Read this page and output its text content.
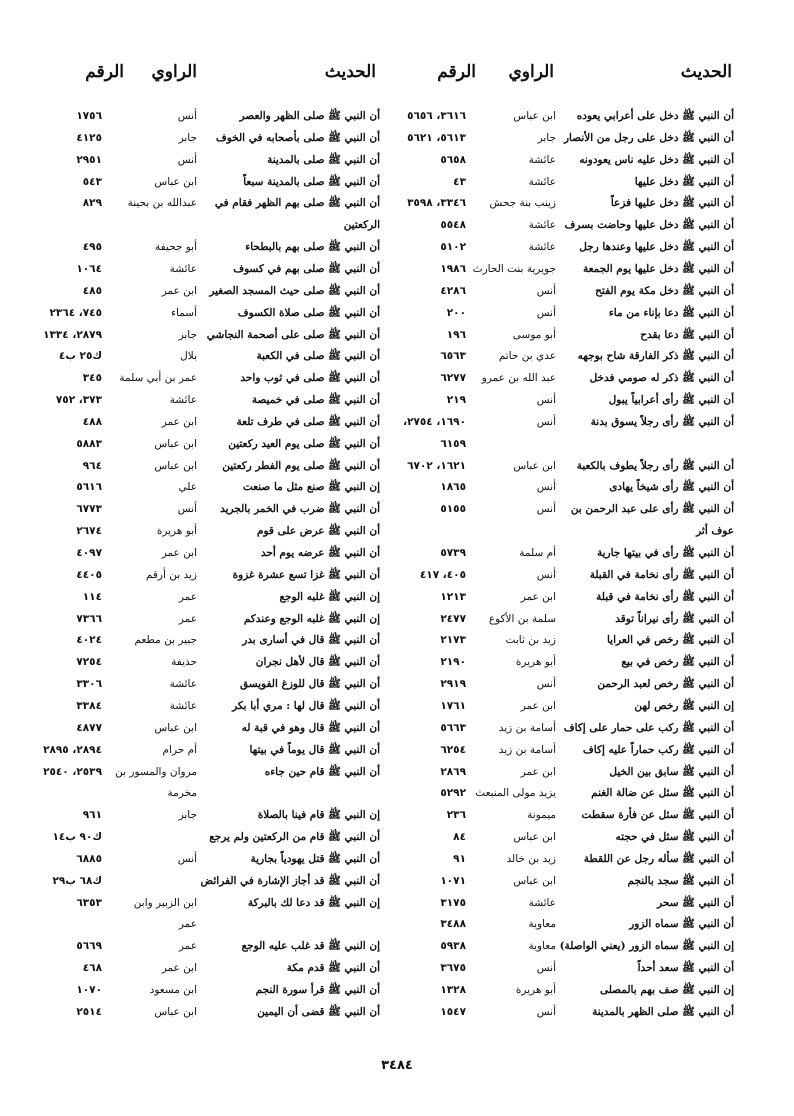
الحديث
الراوي
الرقم
الحديث
الراوي
الرقم
أن النبي ﷺ دخل على أعرابي يعوده
ابن عباس
٣٦١٦، ٥٦٥٦
أن النبي ﷺ دخل على رجل من الأنصار
جابر
٥٦١٣، ٥٦٢١
أن النبي ﷺ دخل عليه ناس يعودونه
عائشة
٥٦٥٨
أن النبي ﷺ دخل عليها
عائشة
٤٣
أن النبي ﷺ دخل عليها فزعاً
زينب بنة جحش
٣٣٤٦، ٣٥٩٨
أن النبي ﷺ دخل عليها وحاضت بسرف
عائشة
٥٥٤٨
أن النبي ﷺ دخل عليها وعندها رجل
عائشة
٥١٠٢
أن النبي ﷺ دخل عليها يوم الجمعة
جويرية بنت الحارث
١٩٨٦
أن النبي ﷺ دخل مكة يوم الفتح
أنس
٤٢٨٦
أن النبي ﷺ دعا بإناء من ماء
أنس
٢٠٠
أن النبي ﷺ دعا بقدح
أبو موسى
١٩٦
أن النبي ﷺ ذكر الفارقة شاح بوجهه
عدي بن حاتم
٦٥٦٣
أن النبي ﷺ ذكر له صومي فدخل
عبد الله بن عمرو
٦٢٧٧
أن النبي ﷺ رأى أعرابياً يبول
أنس
٢١٩
أن النبي ﷺ رأى رجلاً يسوق بدنة
أنس
١٦٩٠، ٢٧٥٤،
٦١٥٩
أن النبي ﷺ رأى رجلاً يطوف بالكعبة
ابن عباس
١٦٢١، ٦٧٠٢
أن النبي ﷺ رأى شيخاً يهادى
أنس
١٨٦٥
أن النبي ﷺ رأى على عبد الرحمن بن
أنس
٥١٥٥
عوف أثر
أن النبي ﷺ رأى في بيتها جارية
أم سلمة
٥٧٣٩
أن النبي ﷺ رأى نخامة في القبلة
أنس
٤٠٥، ٤١٧
أن النبي ﷺ رأى نخامة في قبلة
ابن عمر
١٢١٣
أن النبي ﷺ رأى نيراناً توقد
سلمة بن الأكوع
٢٤٧٧
أن النبي ﷺ رخص في العرايا
زيد بن ثابت
٢١٧٣
أن النبي ﷺ رخص في بيع
أبو هريرة
٢١٩٠
أن النبي ﷺ رخص لعبد الرحمن
أنس
٢٩١٩
إن النبي ﷺ رخص لهن
ابن عمر
١٧٦١
أن النبي ﷺ ركب على حمار على إكاف
أسامة بن زيد
٥٦٦٣
أن النبي ﷺ ركب حماراً عليه إكاف
أسامة بن زيد
٦٢٥٤
أن النبي ﷺ سابق بين الخيل
ابن عمر
٢٨٦٩
أن النبي ﷺ سئل عن ضالة الغنم
يزيد مولى المنبعث
٥٢٩٢
أن النبي ﷺ سئل عن فأرة سقطت
ميمونة
٢٣٦
أن النبي ﷺ سئل في حجته
ابن عباس
٨٤
أن النبي ﷺ سأله رجل عن اللقطة
زيد بن خالد
٩١
أن النبي ﷺ سجد بالنجم
ابن عباس
١٠٧١
أن النبي ﷺ سحر
عائشة
٣١٧٥
أن النبي ﷺ سماه الزور
معاوية
٣٤٨٨
إن النبي ﷺ سماه الزور (يعني الواصلة)
معاوية
٥٩٣٨
أن النبي ﷺ سعد أحداً
أنس
٣٦٧٥
إن النبي ﷺ صف بهم بالمصلى
أبو هريرة
١٣٢٨
أن النبي ﷺ صلى الظهر بالمدينة
أنس
١٥٤٧
أن النبي ﷺ صلى الظهر والعصر
أنس
١٧٥٦
أن النبي ﷺ صلى بأصحابه في الخوف
جابر
٤١٢٥
أن النبي ﷺ صلى بالمدينة
أنس
٢٩٥١
أن النبي ﷺ صلى بالمدينة سبعاً
ابن عباس
٥٤٣
أن النبي ﷺ صلى بهم الظهر فقام في
عبدالله بن بحينة
٨٢٩
الركعتين
أن النبي ﷺ صلى بهم بالبطحاء
أبو جحيفة
٤٩٥
أن النبي ﷺ صلى بهم في كسوف
عائشة
١٠٦٤
أن النبي ﷺ صلى حيث المسجد الصغير
ابن عمر
٤٨٥
أن النبي ﷺ صلى صلاة الكسوف
أسماء
٧٤٥، ٢٣٦٤
أن النبي ﷺ صلى على أصحمة النجاشي
جابر
٢٨٧٩، ١٣٣٤
أن النبي ﷺ صلى في الكعبة
بلال
ك٢٥ ب٤
أن النبي ﷺ صلى في ثوب واحد
عمر بن أبي سلمة
٣٤٥
أن النبي ﷺ صلى في خميصة
عائشة
٣٧٣، ٧٥٢
أن النبي ﷺ صلى في طرف تلعة
ابن عمر
٤٨٨
أن النبي ﷺ صلى يوم العيد ركعتين
ابن عباس
٥٨٨٣
أن النبي ﷺ صلى يوم الفطر ركعتين
ابن عباس
٩٦٤
إن النبي ﷺ صنع مثل ما صنعت
علي
٥٦١٦
أن النبي ﷺ ضرب في الخمر بالجريد
أنس
٦٧٧٣
أن النبي ﷺ عرض على قوم
أبو هريرة
٢٦٧٤
أن النبي ﷺ عرضه يوم أحد
ابن عمر
٤٠٩٧
أن النبي ﷺ غزا تسع عشرة غزوة
زيد بن أرقم
٤٤٠٥
إن النبي ﷺ غلبه الوجع
عمر
١١٤
إن النبي ﷺ غلبه الوجع وعندكم
عمر
٧٣٦٦
أن النبي ﷺ قال في أسارى بدر
جبير بن مطعم
٤٠٢٤
أن النبي ﷺ قال لأهل نجران
حذيفة
٧٢٥٤
أن النبي ﷺ قال للوزغ الفويسق
عائشة
٣٣٠٦
أن النبي ﷺ قال لها : مري أبا بكر
عائشة
٣٣٨٤
أن النبي ﷺ قال وهو في قبة له
ابن عباس
٤٨٧٧
أن النبي ﷺ قال يوماً في بيتها
أم حرام
٢٨٩٤، ٢٨٩٥
أن النبي ﷺ قام حين جاءه
مروان والمسور بن
٢٥٣٩، ٢٥٤٠
مخرمة
إن النبي ﷺ قام فينا بالصلاة
جابر
٩٦١
أن النبي ﷺ قام من الركعتين ولم يرجع
ك٩٠ ب١٤
أن النبي ﷺ قتل يهودياً بجارية
أنس
٦٨٨٥
أن النبي ﷺ قد أجاز الإشارة في الفرائض
ك٦٨ ب٢٩
إن النبي ﷺ قد دعا لك بالبركة
ابن الزبير وابن
٦٣٥٣
عمر
إن النبي ﷺ قد غلب عليه الوجع
عمر
٥٦٦٩
أن النبي ﷺ قدم مكة
ابن عمر
٤٦٨
أن النبي ﷺ قرأ سورة النجم
ابن مسعود
١٠٧٠
أن النبي ﷺ قضى أن اليمين
ابن عباس
٢٥١٤
٣٤٨٤
